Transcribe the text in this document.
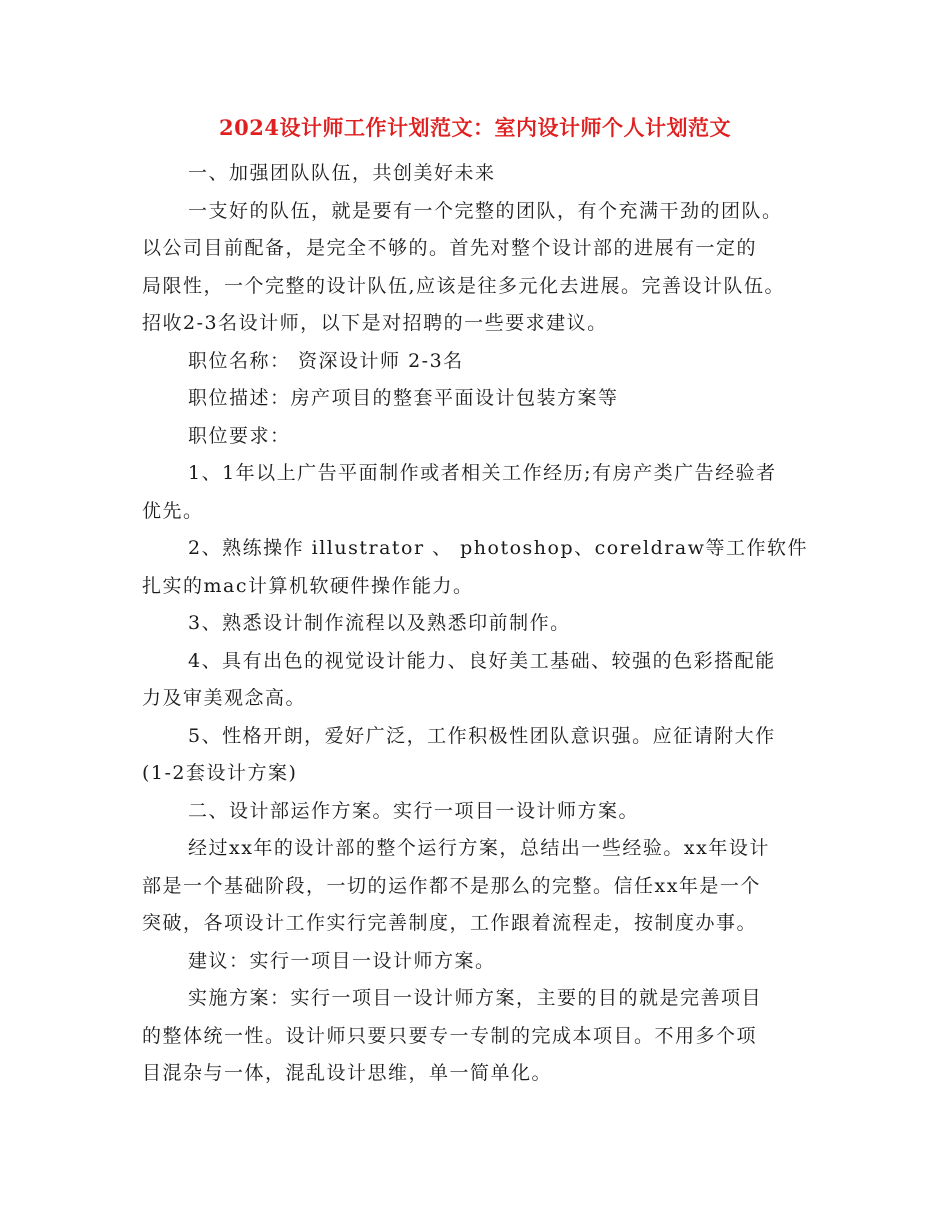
2024设计师工作计划范文：室内设计师个人计划范文
一、加强团队队伍，共创美好未来
一支好的队伍，就是要有一个完整的团队，有个充满干劲的团队。
以公司目前配备，是完全不够的。首先对整个设计部的进展有一定的
局限性，一个完整的设计队伍,应该是往多元化去进展。完善设计队伍。
招收2-3名设计师，以下是对招聘的一些要求建议。
职位名称： 资深设计师 2-3名
职位描述：房产项目的整套平面设计包装方案等
职位要求：
1、1年以上广告平面制作或者相关工作经历;有房产类广告经验者
优先。
2、熟练操作 illustrator 、 photoshop、coreldraw等工作软件
扎实的mac计算机软硬件操作能力。
3、熟悉设计制作流程以及熟悉印前制作。
4、具有出色的视觉设计能力、良好美工基础、较强的色彩搭配能
力及审美观念高。
5、性格开朗，爱好广泛，工作积极性团队意识强。应征请附大作
(1-2套设计方案)
二、设计部运作方案。实行一项目一设计师方案。
经过xx年的设计部的整个运行方案，总结出一些经验。xx年设计
部是一个基础阶段，一切的运作都不是那么的完整。信任xx年是一个
突破，各项设计工作实行完善制度，工作跟着流程走，按制度办事。
建议：实行一项目一设计师方案。
实施方案：实行一项目一设计师方案，主要的目的就是完善项目
的整体统一性。设计师只要只要专一专制的完成本项目。不用多个项
目混杂与一体，混乱设计思维，单一简单化。
